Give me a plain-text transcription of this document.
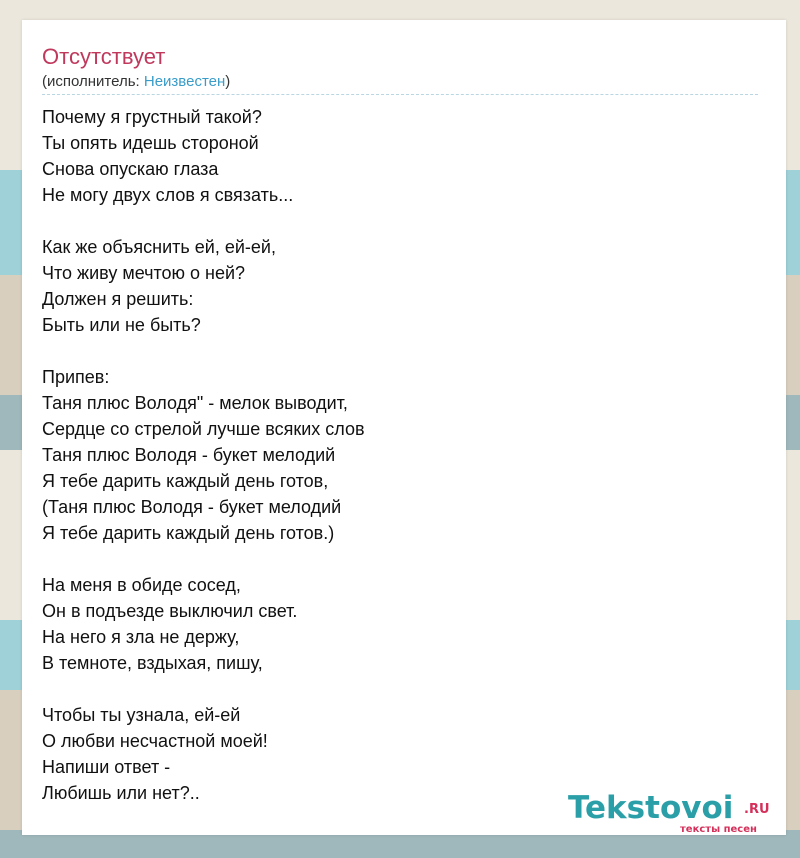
Отсутствует
(исполнитель: Неизвестен)
Почему я грустный такой?
Ты опять идешь стороной
Снова опускаю глаза
Не могу двух слов я связать...
Как же объяснить ей, ей-ей,
Что живу мечтою о ней?
Должен я решить:
Быть или не быть?
Припев:
Таня плюс Володя" - мелок выводит,
Сердце со стрелой лучше всяких слов
Таня плюс Володя - букет мелодий
Я тебе дарить каждый день готов,
(Таня плюс Володя - букет мелодий
Я тебе дарить каждый день готов.)
На меня в обиде сосед,
Он в подъезде выключил свет.
На него я зла не держу,
В темноте, вздыхая, пишу,
Чтобы ты узнала, ей-ей
О любви несчастной моей!
Напиши ответ -
Любишь или нет?..	Tekstovoi .RU
тексты песен
